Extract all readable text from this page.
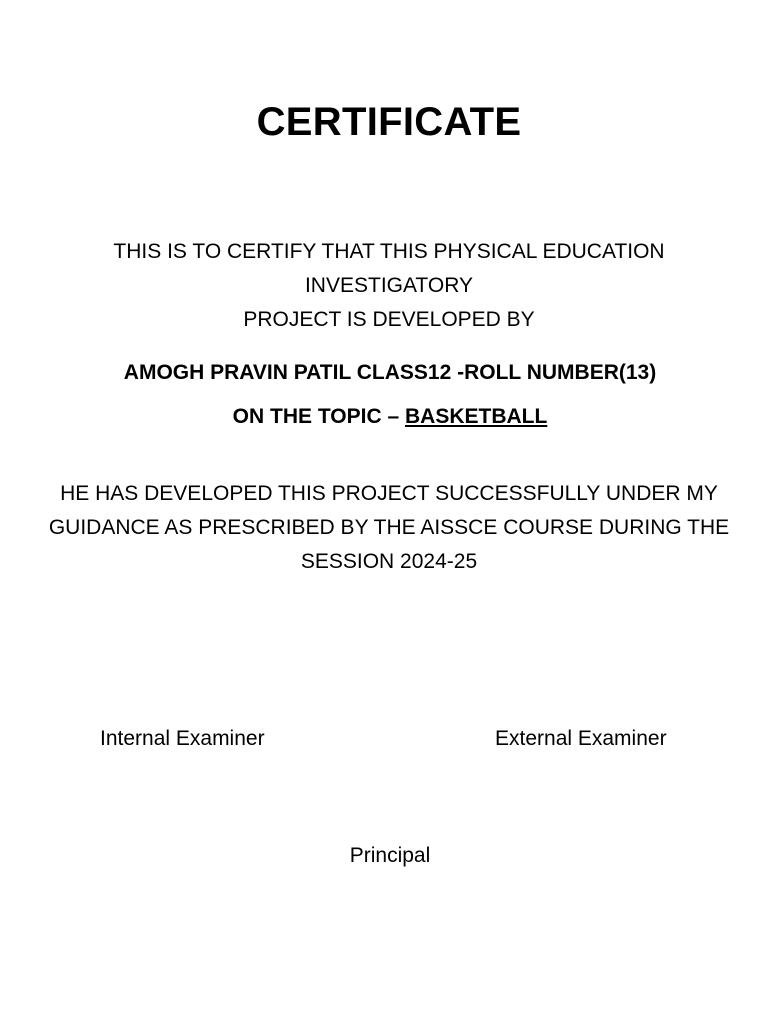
CERTIFICATE
THIS IS TO CERTIFY THAT THIS PHYSICAL EDUCATION INVESTIGATORY
PROJECT IS DEVELOPED BY
AMOGH PRAVIN PATIL CLASS12 -ROLL NUMBER(13)
ON THE TOPIC – BASKETBALL
HE HAS DEVELOPED THIS PROJECT SUCCESSFULLY UNDER MY
GUIDANCE AS PRESCRIBED BY THE AISSCE COURSE DURING THE
SESSION 2024-25
Internal Examiner	External Examiner
Principal
